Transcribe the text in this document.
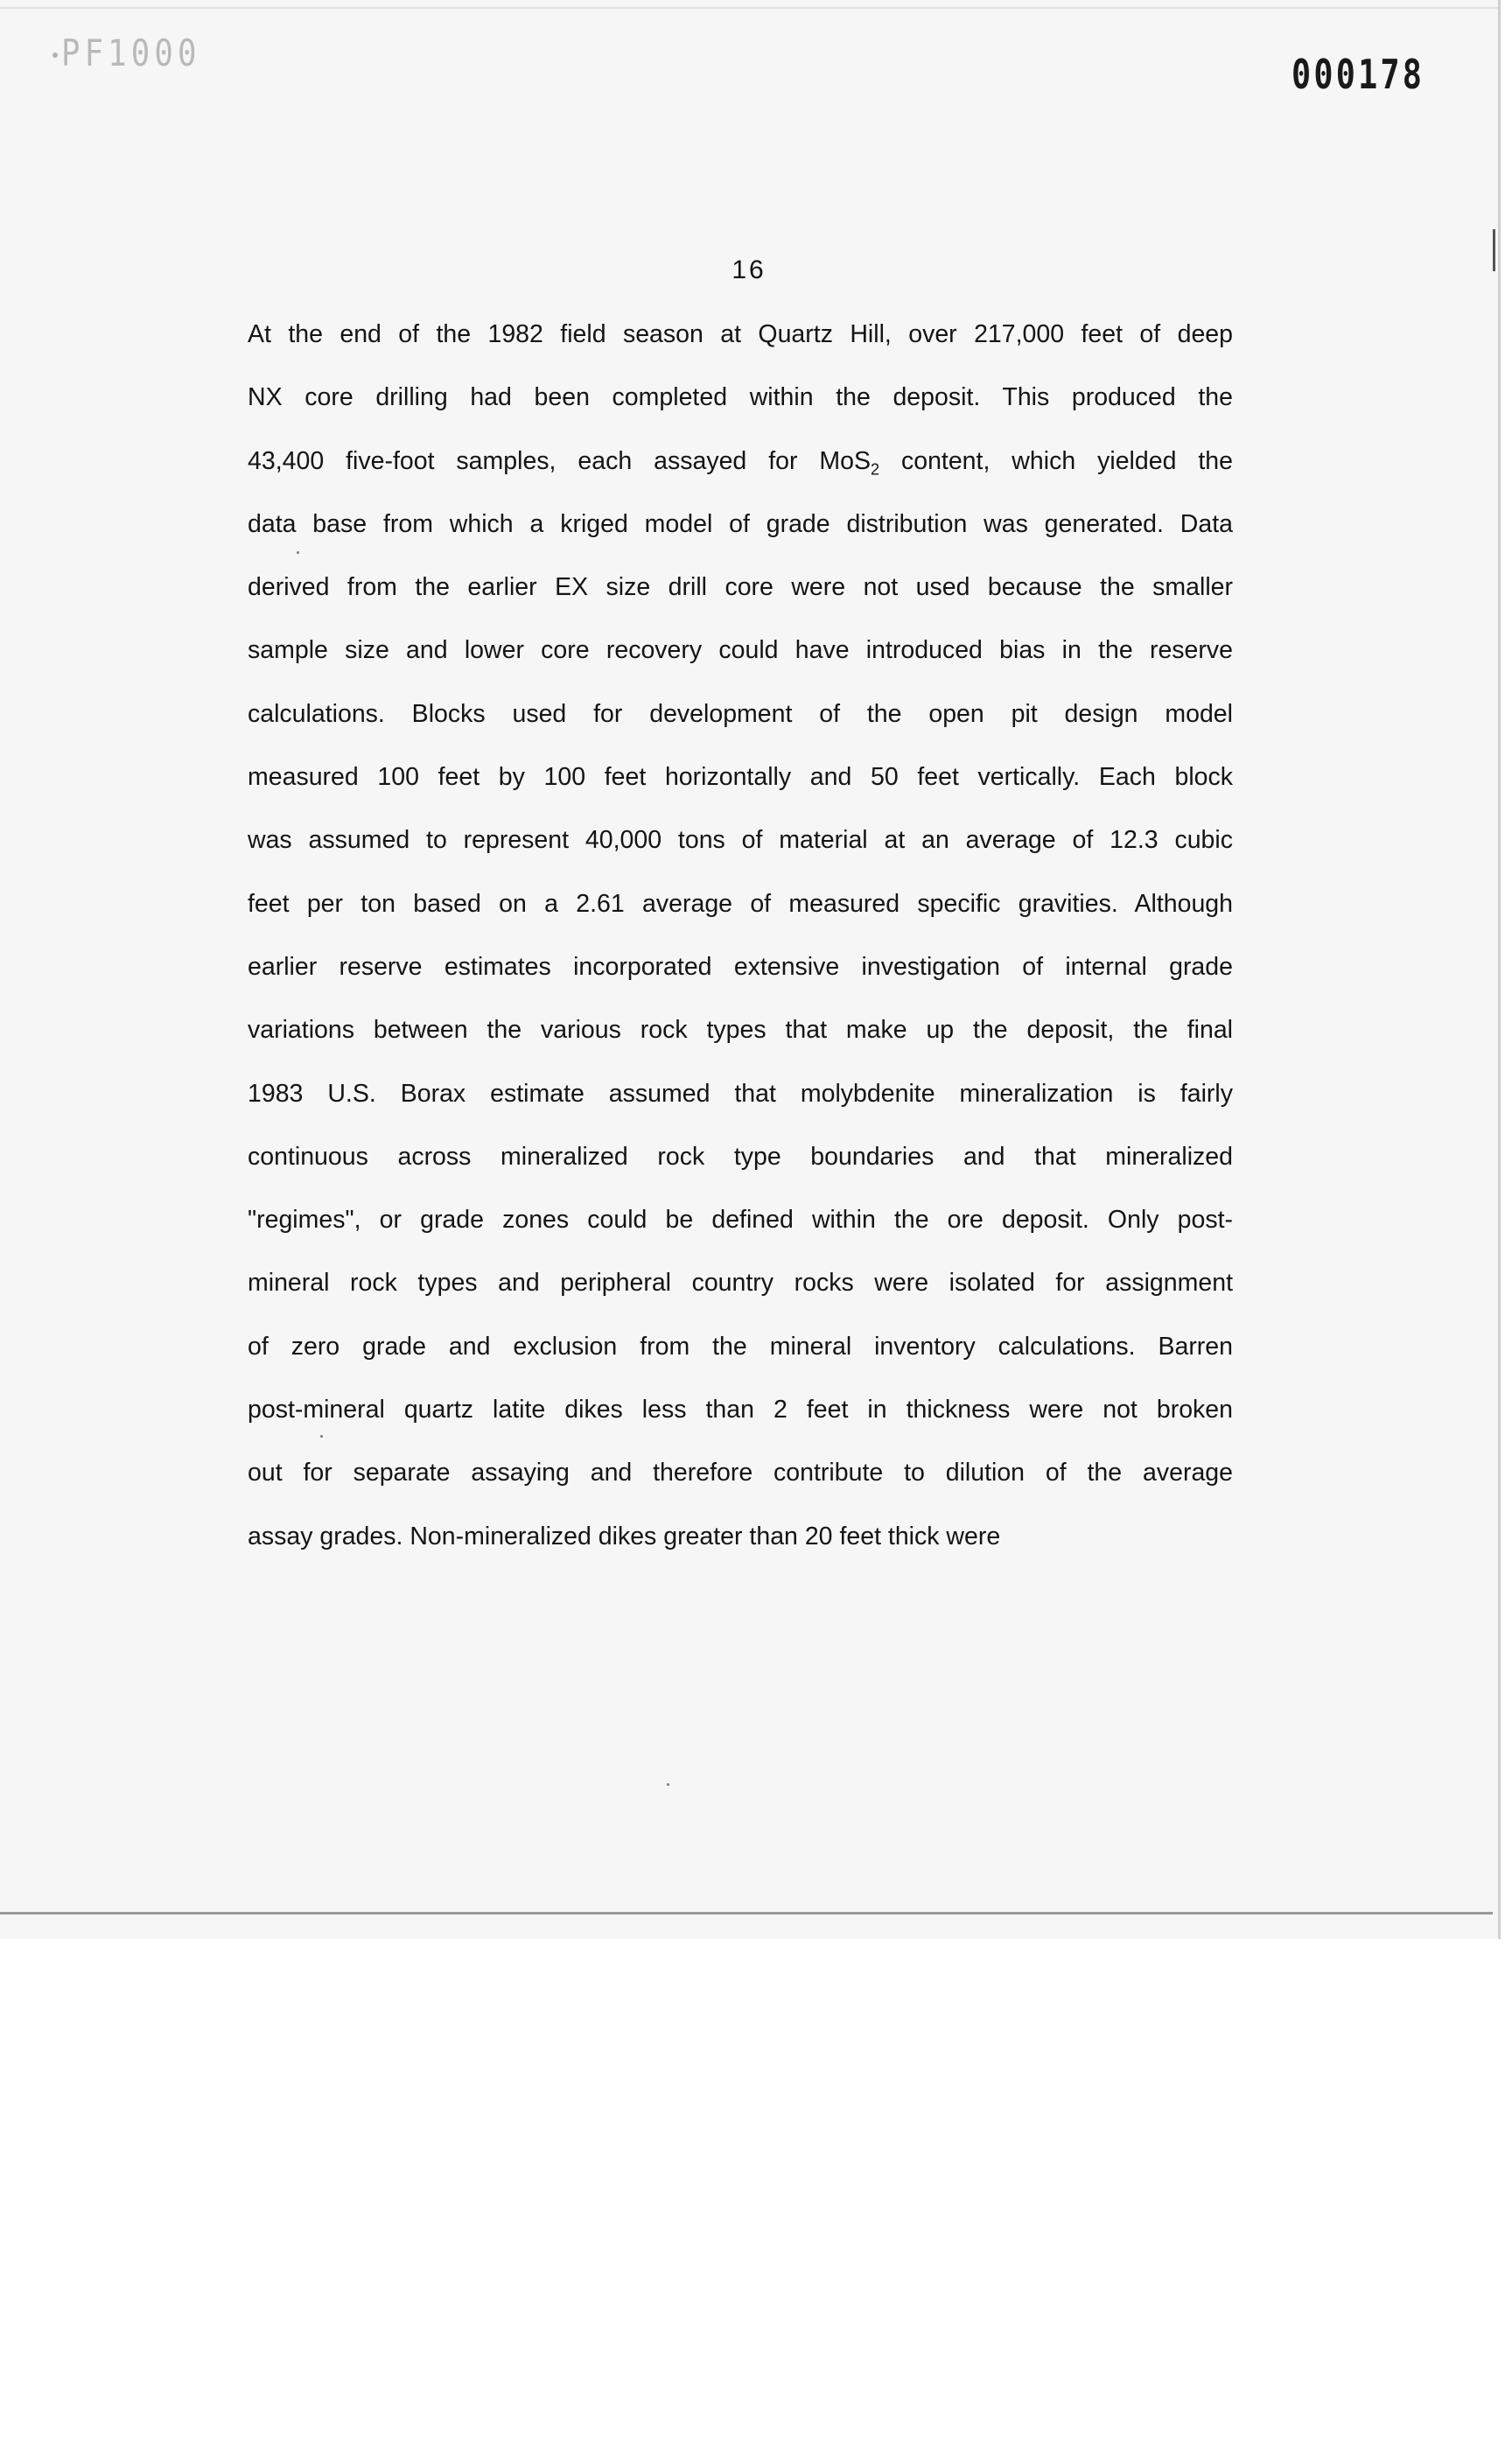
PF1000	000178
16
At the end of the 1982 field season at Quartz Hill, over 217,000 feet of deep
NX core drilling had been completed within the deposit. This produced the
43,400 five-foot samples, each assayed for MoS$_2$ content, which yielded the
data base from which a kriged model of grade distribution was generated. Data
derived from the earlier EX size drill core were not used because the smaller
sample size and lower core recovery could have introduced bias in the reserve
calculations. Blocks used for development of the open pit design model
measured 100 feet by 100 feet horizontally and 50 feet vertically. Each block
was assumed to represent 40,000 tons of material at an average of 12.3 cubic
feet per ton based on a 2.61 average of measured specific gravities. Although
earlier reserve estimates incorporated extensive investigation of internal grade
variations between the various rock types that make up the deposit, the final
1983 U.S. Borax estimate assumed that molybdenite mineralization is fairly
continuous across mineralized rock type boundaries and that mineralized
"regimes", or grade zones could be defined within the ore deposit. Only post-
mineral rock types and peripheral country rocks were isolated for assignment
of zero grade and exclusion from the mineral inventory calculations. Barren
post-mineral quartz latite dikes less than 2 feet in thickness were not broken
out for separate assaying and therefore contribute to dilution of the average
assay grades. Non-mineralized dikes greater than 20 feet thick were
